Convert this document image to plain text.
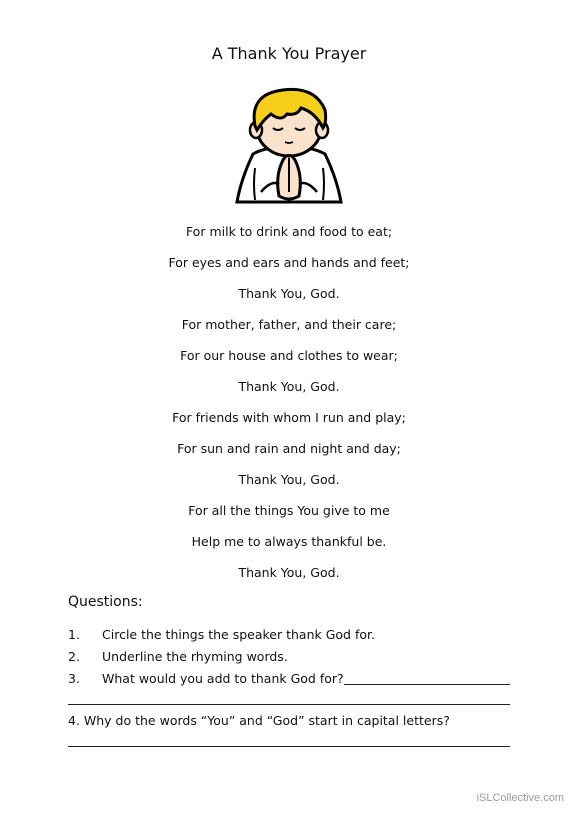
A Thank You Prayer
For milk to drink and food to eat;
For eyes and ears and hands and feet;
Thank You, God.
For mother, father, and their care;
For our house and clothes to wear;
Thank You, God.
For friends with whom I run and play;
For sun and rain and night and day;
Thank You, God.
For all the things You give to me
Help me to always thankful be.
Thank You, God.
Questions:
1. Circle the things the speaker thank God for.
2. Underline the rhyming words.
3. What would you add to thank God for?
4. Why do the words “You” and “God” start in capital letters?
iSLCollective.com
